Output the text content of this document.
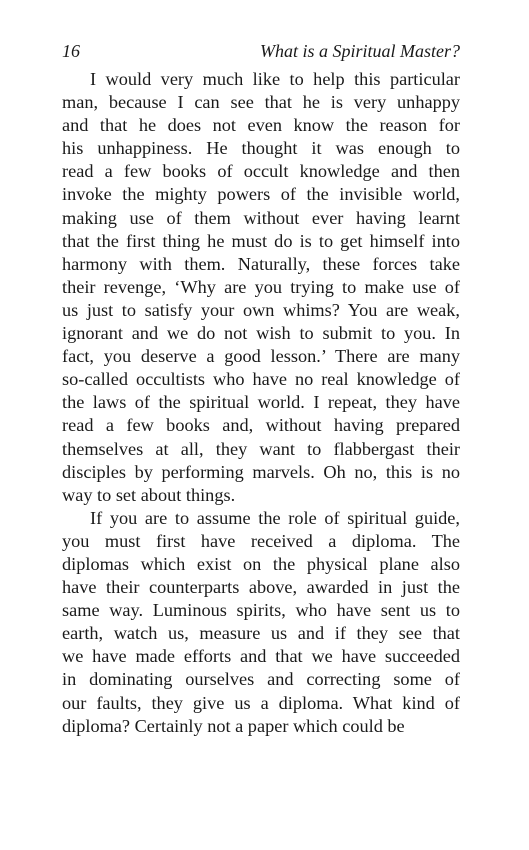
16	What is a Spiritual Master?

I would very much like to help this particular
man, because I can see that he is very unhappy
and that he does not even know the reason for
his unhappiness. He thought it was enough to
read a few books of occult knowledge and then
invoke the mighty powers of the invisible world,
making use of them without ever having learnt
that the first thing he must do is to get himself into
harmony with them. Naturally, these forces take
their revenge, ‘Why are you trying to make use of
us just to satisfy your own whims? You are weak,
ignorant and we do not wish to submit to you. In
fact, you deserve a good lesson.’ There are many
so-called occultists who have no real knowledge of
the laws of the spiritual world. I repeat, they have
read a few books and, without having prepared
themselves at all, they want to flabbergast their
disciples by performing marvels. Oh no, this is no
way to set about things.

If you are to assume the role of spiritual guide,
you must first have received a diploma. The
diplomas which exist on the physical plane also
have their counterparts above, awarded in just the
same way. Luminous spirits, who have sent us to
earth, watch us, measure us and if they see that
we have made efforts and that we have succeeded
in dominating ourselves and correcting some of
our faults, they give us a diploma. What kind of
diploma? Certainly not a paper which could be
